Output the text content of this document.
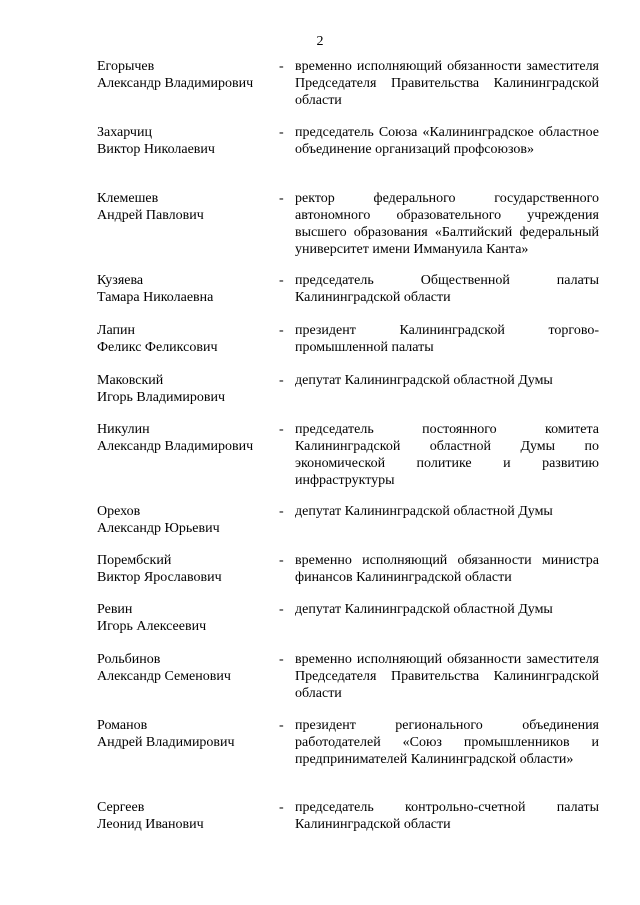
2
Егорычев
Александр Владимирович
- временно исполняющий обязанности заместителя Председателя Правительства Калининградской области
Захарчиц
Виктор Николаевич
- председатель Союза «Калининградское областное объединение организаций профсоюзов»
Клемешев
Андрей Павлович
- ректор федерального государственного автономного образовательного учреждения высшего образования «Балтийский федеральный университет имени Иммануила Канта»
Кузяева
Тамара Николаевна
- председатель Общественной палаты Калининградской области
Лапин
Феликс Феликсович
- президент Калининградской торгово-промышленной палаты
Маковский
Игорь Владимирович
- депутат Калининградской областной Думы
Никулин
Александр Владимирович
- председатель постоянного комитета Калининградской областной Думы по экономической политике и развитию инфраструктуры
Орехов
Александр Юрьевич
- депутат Калининградской областной Думы
Порембский
Виктор Ярославович
- временно исполняющий обязанности министра финансов Калининградской области
Ревин
Игорь Алексеевич
- депутат Калининградской областной Думы
Рольбинов
Александр Семенович
- временно исполняющий обязанности заместителя Председателя Правительства Калининградской области
Романов
Андрей Владимирович
- президент регионального объединения работодателей «Союз промышленников и предпринимателей Калининградской области»
Сергеев
Леонид Иванович
- председатель контрольно-счетной палаты Калининградской области
